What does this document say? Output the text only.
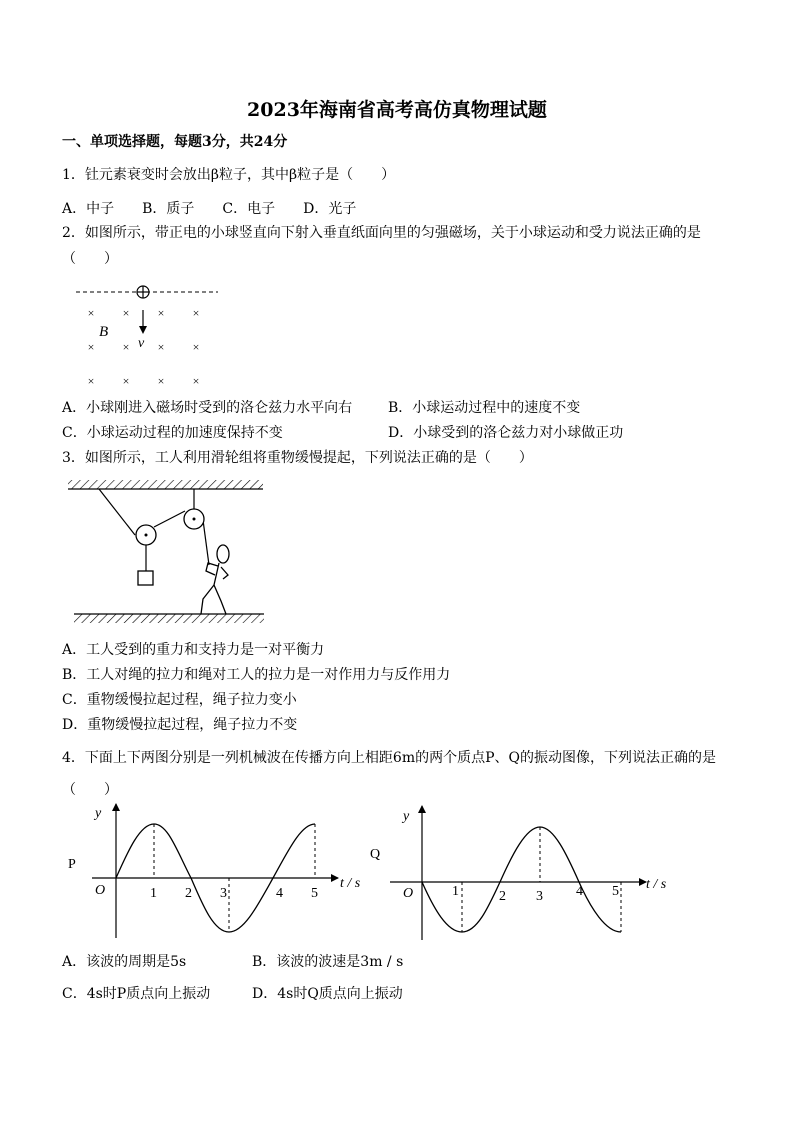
2023年海南省高考高仿真物理试题
一、单项选择题，每题3分，共24分
1．钍元素衰变时会放出β粒子，其中β粒子是（　　）
A．中子　　B．质子　　C．电子　　D．光子
2．如图所示，带正电的小球竖直向下射入垂直纸面向里的匀强磁场，关于小球运动和受力说法正确的是
（　　）
× × × ×
× × × ×
× × × ×
B
v
A．小球刚进入磁场时受到的洛仑兹力水平向右	B．小球运动过程中的速度不变
C．小球运动过程的加速度保持不变	D．小球受到的洛仑兹力对小球做正功
3．如图所示，工人利用滑轮组将重物缓慢提起，下列说法正确的是（　　）
A．工人受到的重力和支持力是一对平衡力
B．工人对绳的拉力和绳对工人的拉力是一对作用力与反作用力
C．重物缓慢拉起过程，绳子拉力变小
D．重物缓慢拉起过程，绳子拉力不变
4．下面上下两图分别是一列机械波在传播方向上相距6m的两个质点P、Q的振动图像，下列说法正确的是
（　　）
P
y
O	t / s
1 2 3	4 5
Q
y
O
t / s
1	2 3 4 5
A．该波的周期是5s	B．该波的波速是3m / s
C．4s时P质点向上振动	D．4s时Q质点向上振动
